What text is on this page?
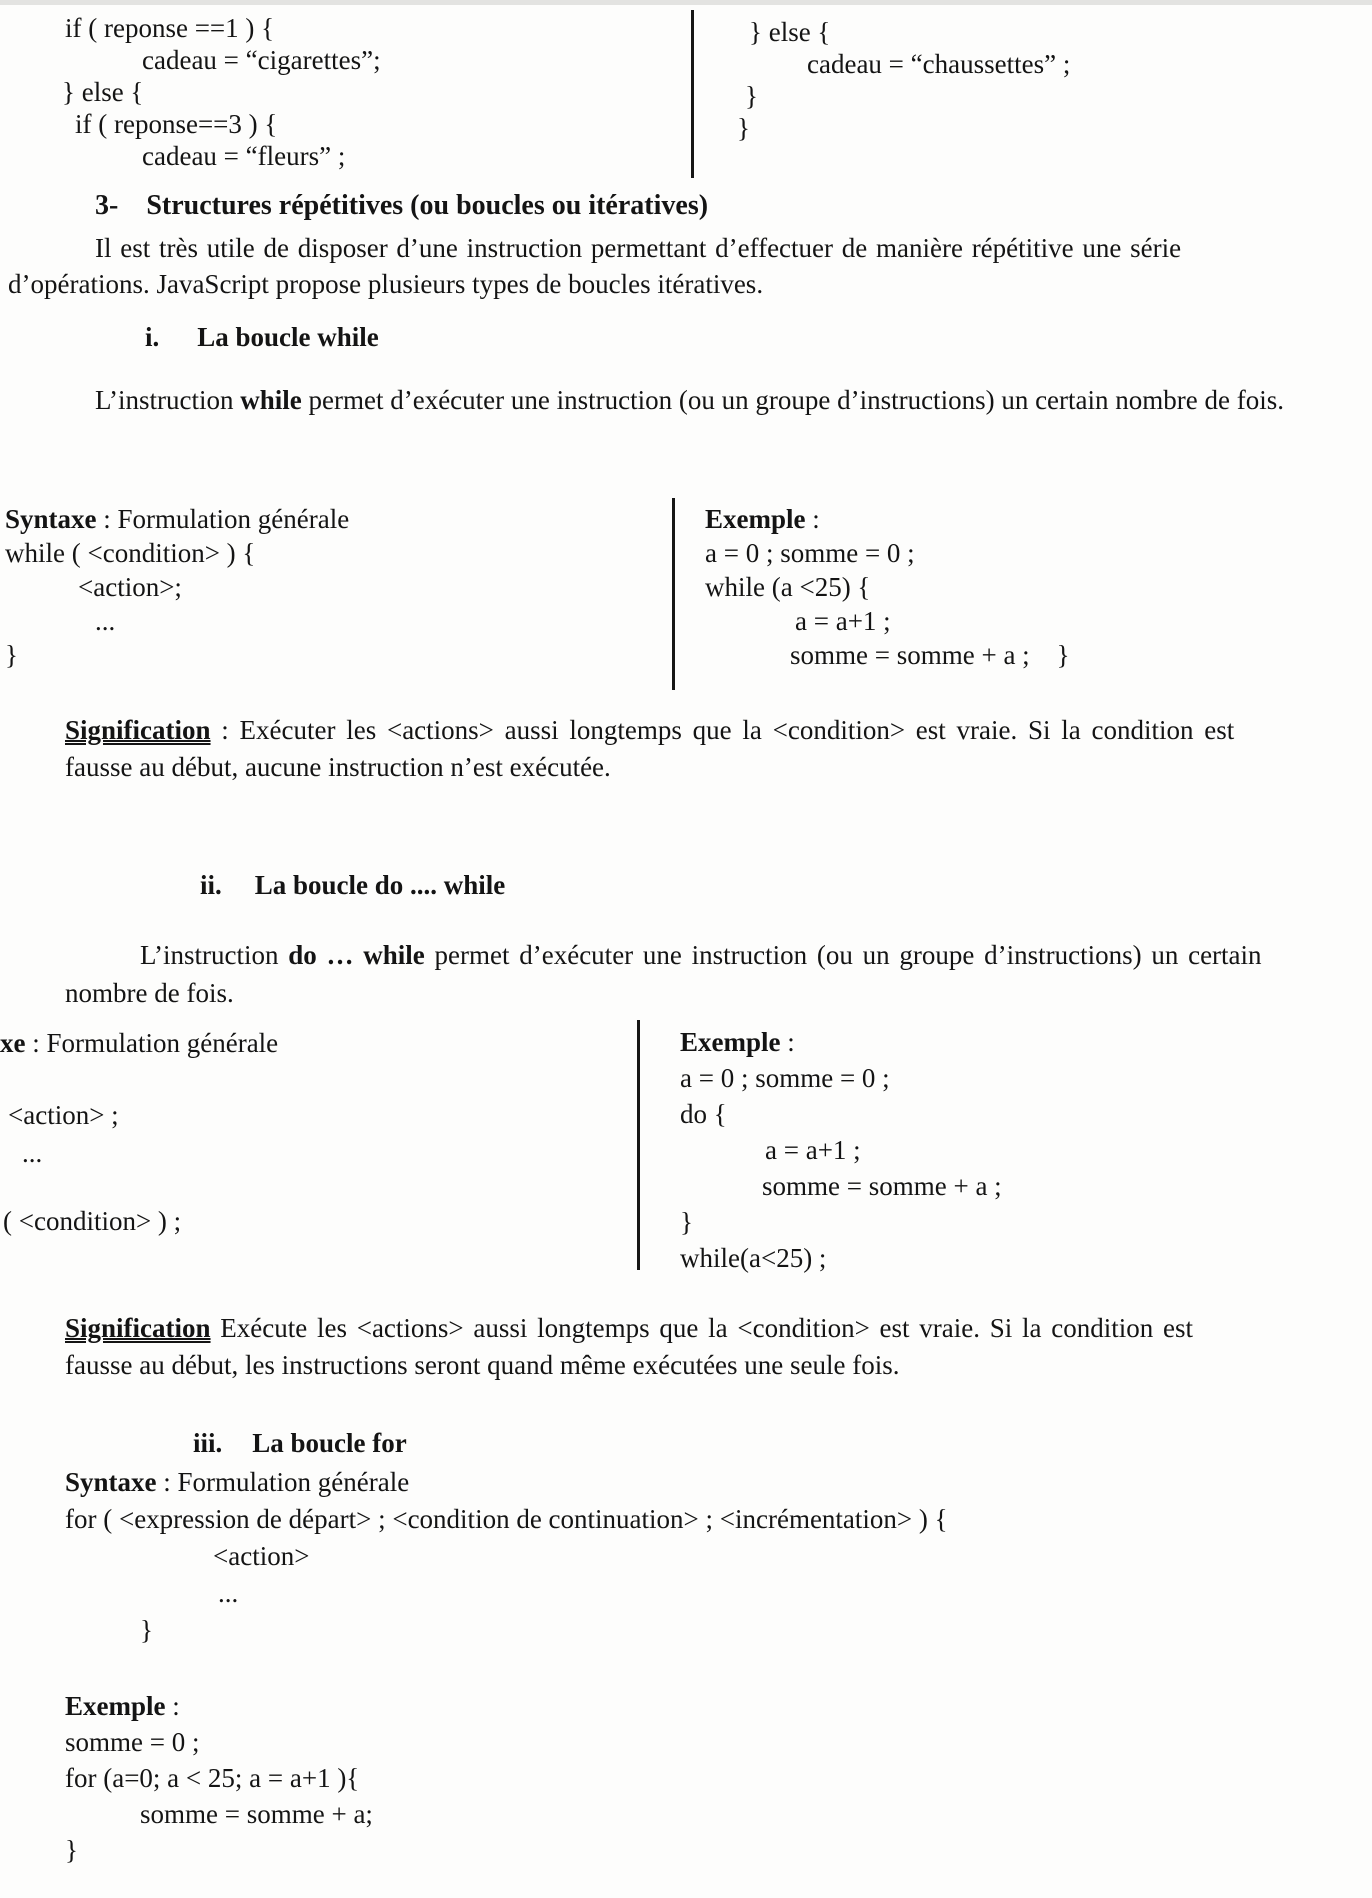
if ( reponse ==1 ) {
cadeau = “cigarettes”;
} else {
if ( reponse==3 ) {
cadeau = “fleurs” ;
} else {
cadeau = “chaussettes” ;
}
}
3- Structures répétitives (ou boucles ou itératives)
Il est très utile de disposer d’une instruction permettant d’effectuer de manière répétitive une série
d’opérations. JavaScript propose plusieurs types de boucles itératives.
i. La boucle while
L’instruction while permet d’exécuter une instruction (ou un groupe d’instructions) un certain nombre de fois.
Syntaxe : Formulation générale
while ( <condition> ) {
<action>;
...
}
Exemple :
a = 0 ; somme = 0 ;
while (a <25) {
a = a+1 ;
somme = somme + a ;    }
Signification : Exécuter les <actions> aussi longtemps que la <condition> est vraie. Si la condition est
fausse au début, aucune instruction n’est exécutée.
ii. La boucle do .... while
L’instruction do … while permet d’exécuter une instruction (ou un groupe d’instructions) un certain
nombre de fois.
xe : Formulation générale
<action> ;
...
( <condition> ) ;
Exemple :
a = 0 ; somme = 0 ;
do {
a = a+1 ;
somme = somme + a ;
}
while(a<25) ;
Signification Exécute les <actions> aussi longtemps que la <condition> est vraie. Si la condition est
fausse au début, les instructions seront quand même exécutées une seule fois.
iii. La boucle for
Syntaxe : Formulation générale
for ( <expression de départ> ; <condition de continuation> ; <incrémentation> ) {
<action>
...
}
Exemple :
somme = 0 ;
for (a=0; a < 25; a = a+1 ){
somme = somme + a;
}
